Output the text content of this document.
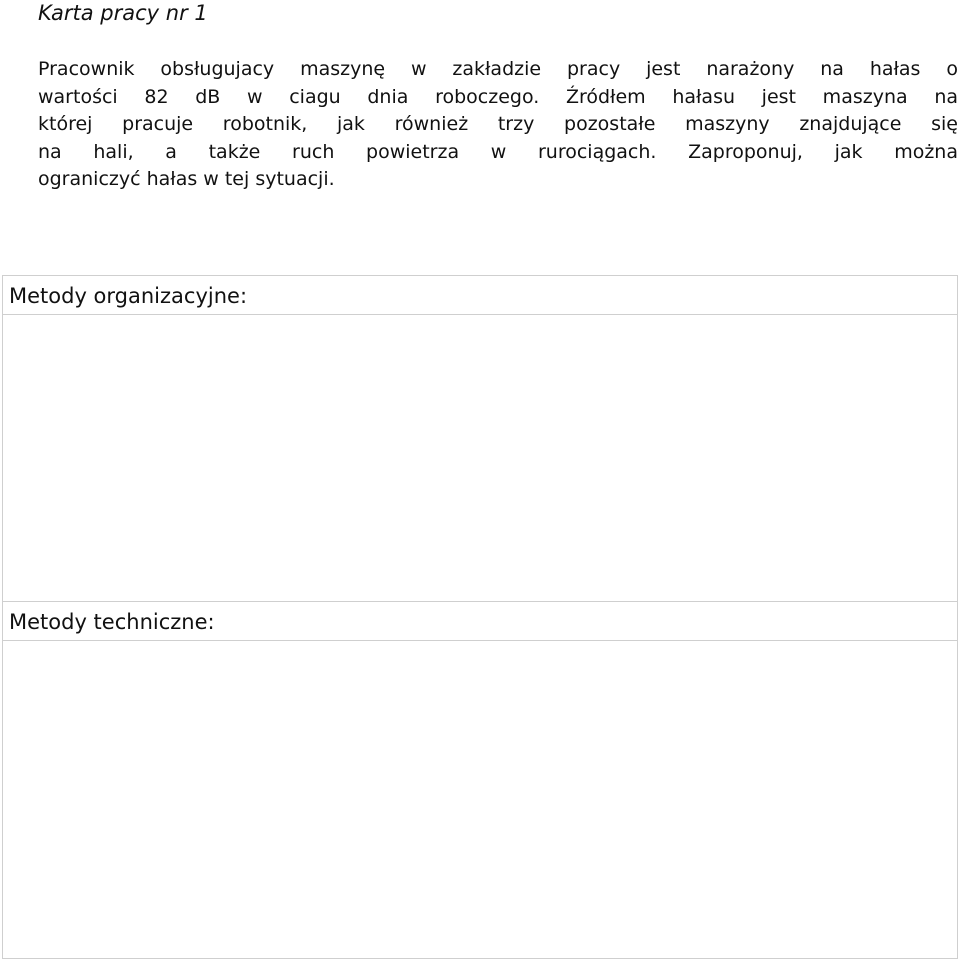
Karta pracy nr 1
Pracownik obsługujacy maszynę w zakładzie pracy jest narażony na hałas o
wartości 82 dB w ciagu dnia roboczego. Źródłem hałasu jest maszyna na
której pracuje robotnik, jak również trzy pozostałe maszyny znajdujące się
na hali, a także ruch powietrza w rurociągach. Zaproponuj, jak można
ograniczyć hałas w tej sytuacji.
Metody organizacyjne:
Metody techniczne:
